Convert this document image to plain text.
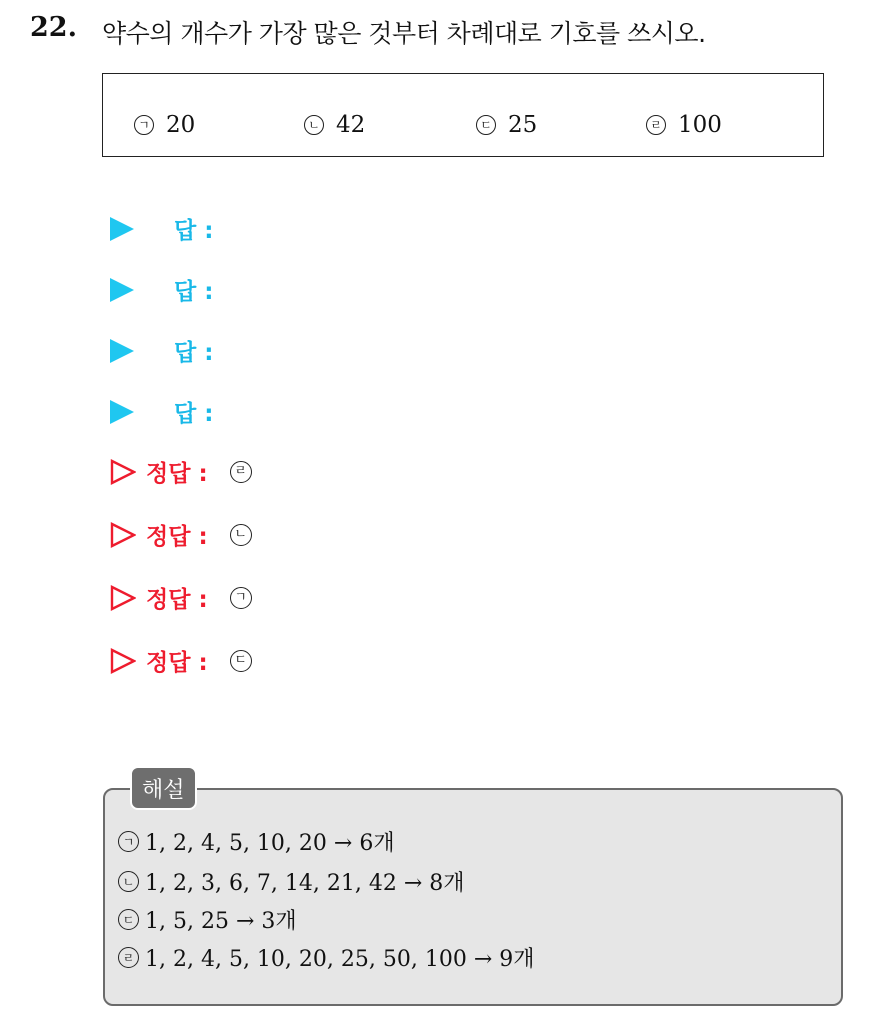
22. 약수의 개수가 가장 많은 것부터 차례대로 기호를 쓰시오.
ㄱ 20	ㄴ 42	ㄷ 25	ㄹ 100
답 :
답 :
답 :
답 :
정답 :	ㄹ
정답 :	ㄴ
정답 :	ㄱ
정답 :	ㄷ
해설
ㄱ 1, 2, 4, 5, 10, 20 → 6개
ㄴ 1, 2, 3, 6, 7, 14, 21, 42 → 8개
ㄷ 1, 5, 25 → 3개
ㄹ 1, 2, 4, 5, 10, 20, 25, 50, 100 → 9개
